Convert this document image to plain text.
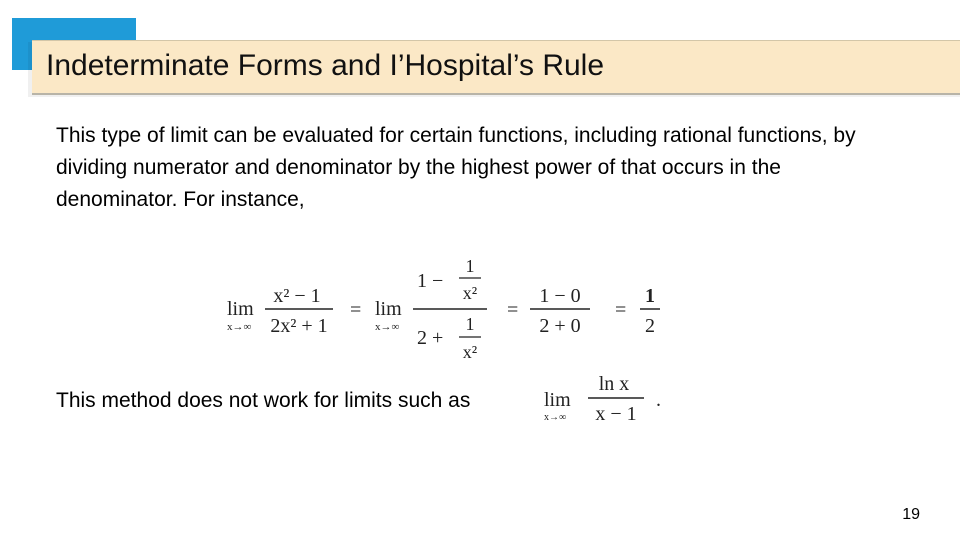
Indeterminate Forms and I’Hospital’s Rule
This type of limit can be evaluated for certain functions, including rational functions, by dividing numerator and denominator by the highest power of that occurs in the denominator. For instance,
lim
x→∞
x² − 1
2x² + 1
= lim
x→∞
1 −
1
x²
2 +
1
x²
=
1 − 0
2 + 0
=
1
2
This method does not work for limits such as	lim
x→∞
ln x
x − 1
.
19
